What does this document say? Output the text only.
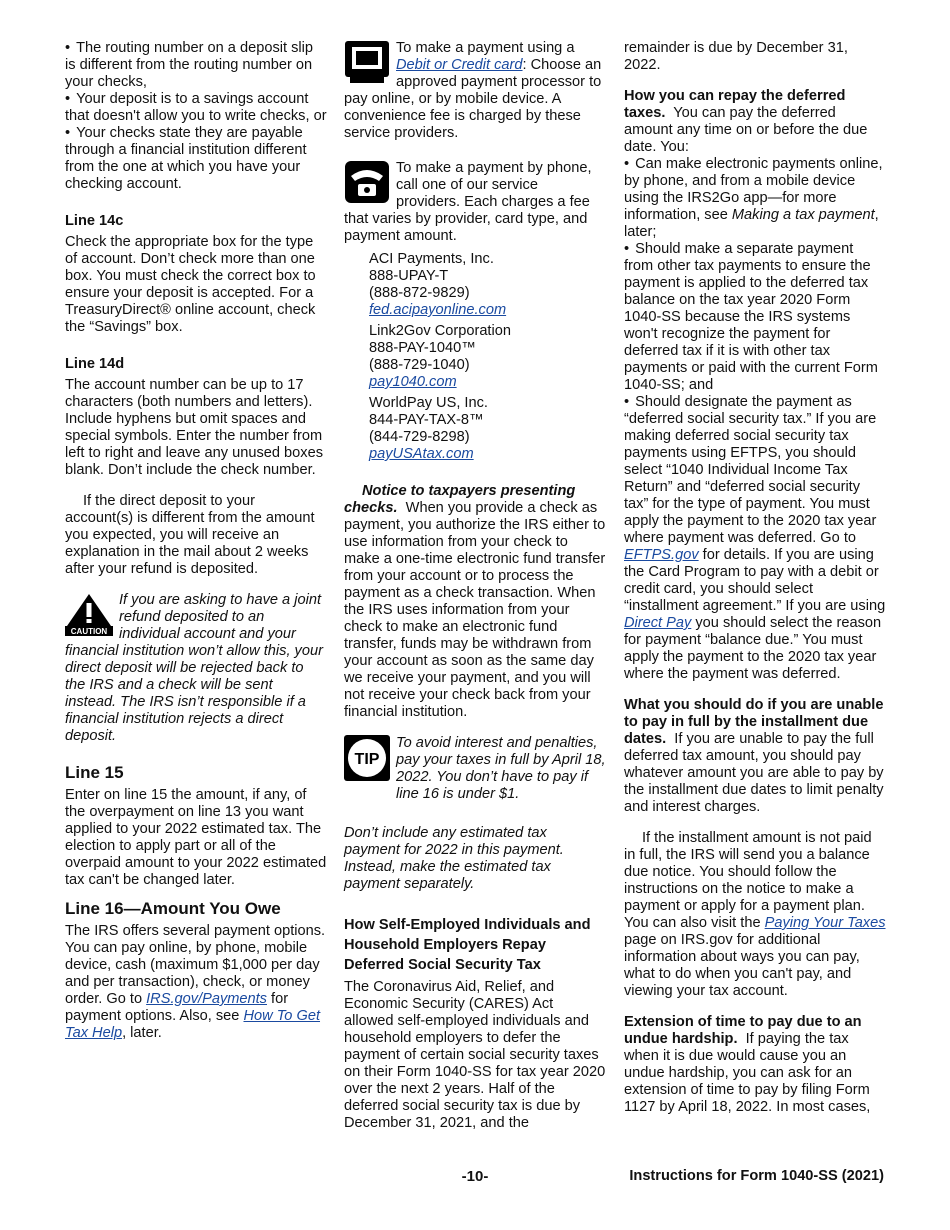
• The routing number on a deposit slip is different from the routing number on your checks,

• Your deposit is to a savings account that doesn't allow you to write checks, or

• Your checks state they are payable through a financial institution different from the one at which you have your checking account.

Line 14c

Check the appropriate box for the type of account. Don’t check more than one box. You must check the correct box to ensure your deposit is accepted. For a TreasuryDirect® online account, check the “Savings” box.

Line 14d

The account number can be up to 17 characters (both numbers and letters). Include hyphens but omit spaces and special symbols. Enter the number from left to right and leave any unused boxes blank. Don’t include the check number.

If the direct deposit to your account(s) is different from the amount you expected, you will receive an explanation in the mail about 2 weeks after your refund is deposited.

CAUTION

If you are asking to have a joint refund deposited to an individual account and your financial institution won’t allow this, your direct deposit will be rejected back to the IRS and a check will be sent instead. The IRS isn’t responsible if a financial institution rejects a direct deposit.

Line 15

Enter on line 15 the amount, if any, of the overpayment on line 13 you want applied to your 2022 estimated tax. The election to apply part or all of the overpaid amount to your 2022 estimated tax can't be changed later.

Line 16—Amount You Owe

The IRS offers several payment options. You can pay online, by phone, mobile device, cash (maximum $1,000 per day and per transaction), check, or money order. Go to IRS.gov/Payments for payment options. Also, see How To Get Tax Help, later.

To make a payment using a Debit or Credit card: Choose an approved payment processor to pay online, or by mobile device. A convenience fee is charged by these service providers.

To make a payment by phone, call one of our service providers. Each charges a fee that varies by provider, card type, and payment amount.

ACI Payments, Inc.
888-UPAY-T
(888-872-9829)
fed.acipayonline.com
Link2Gov Corporation
888-PAY-1040™
(888-729-1040)
pay1040.com
WorldPay US, Inc.
844-PAY-TAX-8™
(844-729-8298)
payUSAtax.com

Notice to taxpayers presenting checks. When you provide a check as payment, you authorize the IRS either to use information from your check to make a one-time electronic fund transfer from your account or to process the payment as a check transaction. When the IRS uses information from your check to make an electronic fund transfer, funds may be withdrawn from your account as soon as the same day we receive your payment, and you will not receive your check back from your financial institution.

TIP

To avoid interest and penalties, pay your taxes in full by April 18, 2022. You don’t have to pay if line 16 is under $1.

Don’t include any estimated tax payment for 2022 in this payment. Instead, make the estimated tax payment separately.

How Self-Employed Individuals and Household Employers Repay Deferred Social Security Tax

The Coronavirus Aid, Relief, and Economic Security (CARES) Act allowed self-employed individuals and household employers to defer the payment of certain social security taxes on their Form 1040-SS for tax year 2020 over the next 2 years. Half of the deferred social security tax is due by December 31, 2021, and the

remainder is due by December 31, 2022.

How you can repay the deferred taxes. You can pay the deferred amount any time on or before the due date. You:

• Can make electronic payments online, by phone, and from a mobile device using the IRS2Go app—for more information, see Making a tax payment, later;

• Should make a separate payment from other tax payments to ensure the payment is applied to the deferred tax balance on the tax year 2020 Form 1040-SS because the IRS systems won't recognize the payment for deferred tax if it is with other tax payments or paid with the current Form 1040-SS; and

• Should designate the payment as “deferred social security tax.” If you are making deferred social security tax payments using EFTPS, you should select “1040 Individual Income Tax Return” and “deferred social security tax” for the type of payment. You must apply the payment to the 2020 tax year where payment was deferred. Go to EFTPS.gov for details. If you are using the Card Program to pay with a debit or credit card, you should select “installment agreement.” If you are using Direct Pay you should select the reason for payment “balance due.” You must apply the payment to the 2020 tax year where the payment was deferred.

What you should do if you are unable to pay in full by the installment due dates. If you are unable to pay the full deferred tax amount, you should pay whatever amount you are able to pay by the installment due dates to limit penalty and interest charges.

If the installment amount is not paid in full, the IRS will send you a balance due notice. You should follow the instructions on the notice to make a payment or apply for a payment plan. You can also visit the Paying Your Taxes page on IRS.gov for additional information about ways you can pay, what to do when you can't pay, and viewing your tax account.

Extension of time to pay due to an undue hardship. If paying the tax when it is due would cause you an undue hardship, you can ask for an extension of time to pay by filing Form 1127 by April 18, 2022. In most cases,

-10-	Instructions for Form 1040-SS (2021)
